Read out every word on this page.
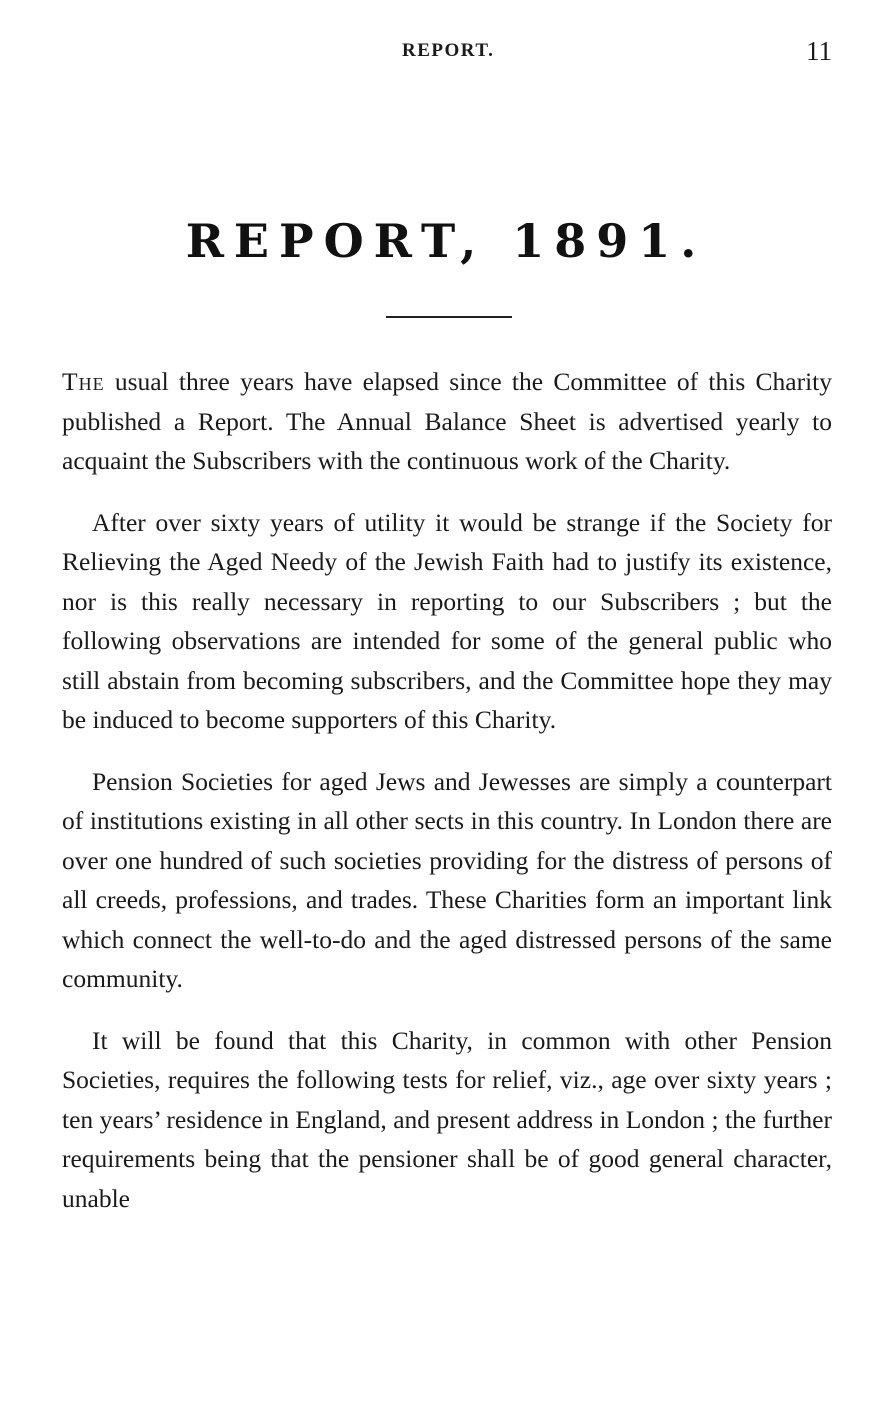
REPORT.	11
REPORT, 1891.

The usual three years have elapsed since the Committee of this Charity published a Report. The Annual Balance Sheet is advertised yearly to acquaint the Subscribers with the continuous work of the Charity.

After over sixty years of utility it would be strange if the Society for Relieving the Aged Needy of the Jewish Faith had to justify its existence, nor is this really necessary in reporting to our Subscribers ; but the following observations are intended for some of the general public who still abstain from becoming subscribers, and the Committee hope they may be induced to become supporters of this Charity.

Pension Societies for aged Jews and Jewesses are simply a counterpart of institutions existing in all other sects in this country. In London there are over one hundred of such societies providing for the distress of persons of all creeds, professions, and trades. These Charities form an important link which connect the well-to-do and the aged distressed persons of the same community.

It will be found that this Charity, in common with other Pension Societies, requires the following tests for relief, viz., age over sixty years ; ten years’ residence in England, and present address in London ; the further requirements being that the pensioner shall be of good general character, unable
